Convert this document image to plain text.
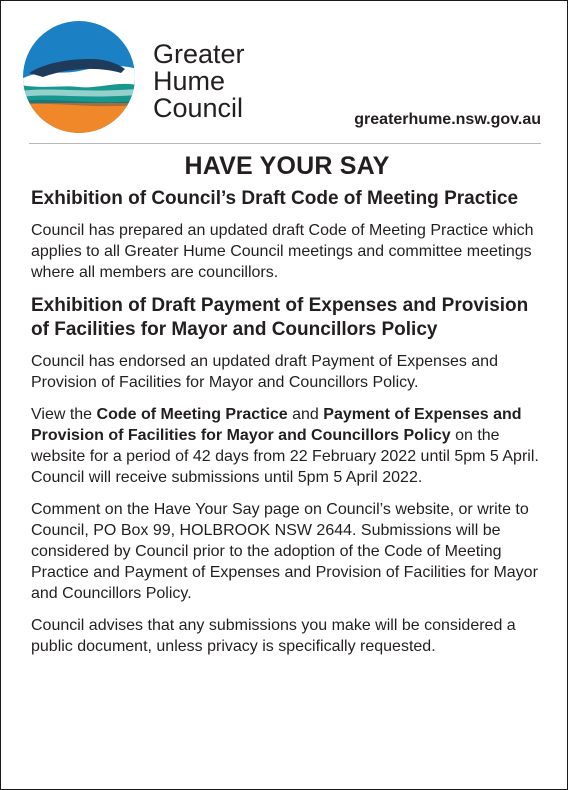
Greater
Hume
Council	greaterhume.nsw.gov.au
HAVE YOUR SAY
Exhibition of Council’s Draft Code of Meeting Practice

Council has prepared an updated draft Code of Meeting Practice which applies to all Greater Hume Council meetings and committee meetings where all members are councillors.

Exhibition of Draft Payment of Expenses and Provision of Facilities for Mayor and Councillors Policy

Council has endorsed an updated draft Payment of Expenses and Provision of Facilities for Mayor and Councillors Policy.

View the Code of Meeting Practice and Payment of Expenses and Provision of Facilities for Mayor and Councillors Policy on the website for a period of 42 days from 22 February 2022 until 5pm 5 April. Council will receive submissions until 5pm 5 April 2022.

Comment on the Have Your Say page on Council’s website, or write to Council, PO Box 99, HOLBROOK NSW 2644. Submissions will be considered by Council prior to the adoption of the Code of Meeting Practice and Payment of Expenses and Provision of Facilities for Mayor and Councillors Policy.

Council advises that any submissions you make will be considered a public document, unless privacy is specifically requested.
